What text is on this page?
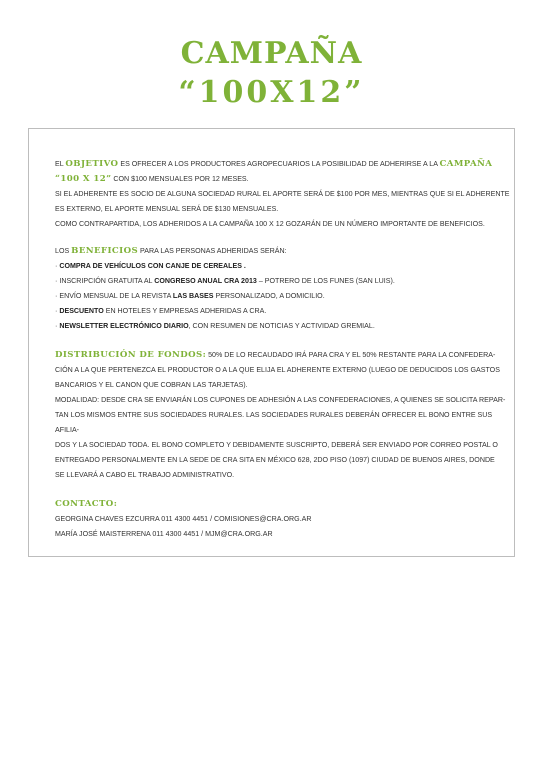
CAMPAÑA
“100X12”

EL OBJETIVO ES OFRECER A LOS PRODUCTORES AGROPECUARIOS LA POSIBILIDAD DE ADHERIRSE A LA CAMPAÑA

“100 X 12” CON $100 MENSUALES POR 12 MESES.

SI EL ADHERENTE ES SOCIO DE ALGUNA SOCIEDAD RURAL EL APORTE SERÁ DE $100 POR MES, MIENTRAS QUE SI EL ADHERENTE

ES EXTERNO, EL APORTE MENSUAL SERÁ DE $130 MENSUALES.

COMO CONTRAPARTIDA, LOS ADHERIDOS A LA CAMPAÑA 100 X 12 GOZARÁN DE UN NÚMERO IMPORTANTE DE BENEFICIOS.

LOS BENEFICIOS PARA LAS PERSONAS ADHERIDAS SERÁN:

· COMPRA DE VEHÍCULOS CON CANJE DE CEREALES .

· INSCRIPCIÓN GRATUITA AL CONGRESO ANUAL CRA 2013 – POTRERO DE LOS FUNES (SAN LUIS).

· ENVÍO MENSUAL DE LA REVISTA LAS BASES PERSONALIZADO, A DOMICILIO.

· DESCUENTO EN HOTELES Y EMPRESAS ADHERIDAS A CRA.

· NEWSLETTER ELECTRÓNICO DIARIO, CON RESUMEN DE NOTICIAS Y ACTIVIDAD GREMIAL.

DISTRIBUCIÓN DE FONDOS: 50% DE LO RECAUDADO IRÁ PARA CRA Y EL 50% RESTANTE PARA LA CONFEDERA-

CIÓN A LA QUE PERTENEZCA EL PRODUCTOR O A LA QUE ELIJA EL ADHERENTE EXTERNO (LUEGO DE DEDUCIDOS LOS GASTOS

BANCARIOS Y EL CANON QUE COBRAN LAS TARJETAS).

MODALIDAD: DESDE CRA SE ENVIARÁN LOS CUPONES DE ADHESIÓN A LAS CONFEDERACIONES, A QUIENES SE SOLICITA REPAR-

TAN LOS MISMOS ENTRE SUS SOCIEDADES RURALES. LAS SOCIEDADES RURALES DEBERÁN OFRECER EL BONO ENTRE SUS AFILIA-

DOS Y LA SOCIEDAD TODA. EL BONO COMPLETO Y DEBIDAMENTE SUSCRIPTO, DEBERÁ SER ENVIADO POR CORREO POSTAL O

ENTREGADO PERSONALMENTE EN LA SEDE DE CRA SITA EN MÉXICO 628, 2DO PISO (1097) CIUDAD DE BUENOS AIRES, DONDE

SE LLEVARÁ A CABO EL TRABAJO ADMINISTRATIVO.

CONTACTO:

GEORGINA CHAVES EZCURRA 011 4300 4451 / COMISIONES@CRA.ORG.AR

MARÍA JOSÉ MAISTERRENA 011 4300 4451 / MJM@CRA.ORG.AR
